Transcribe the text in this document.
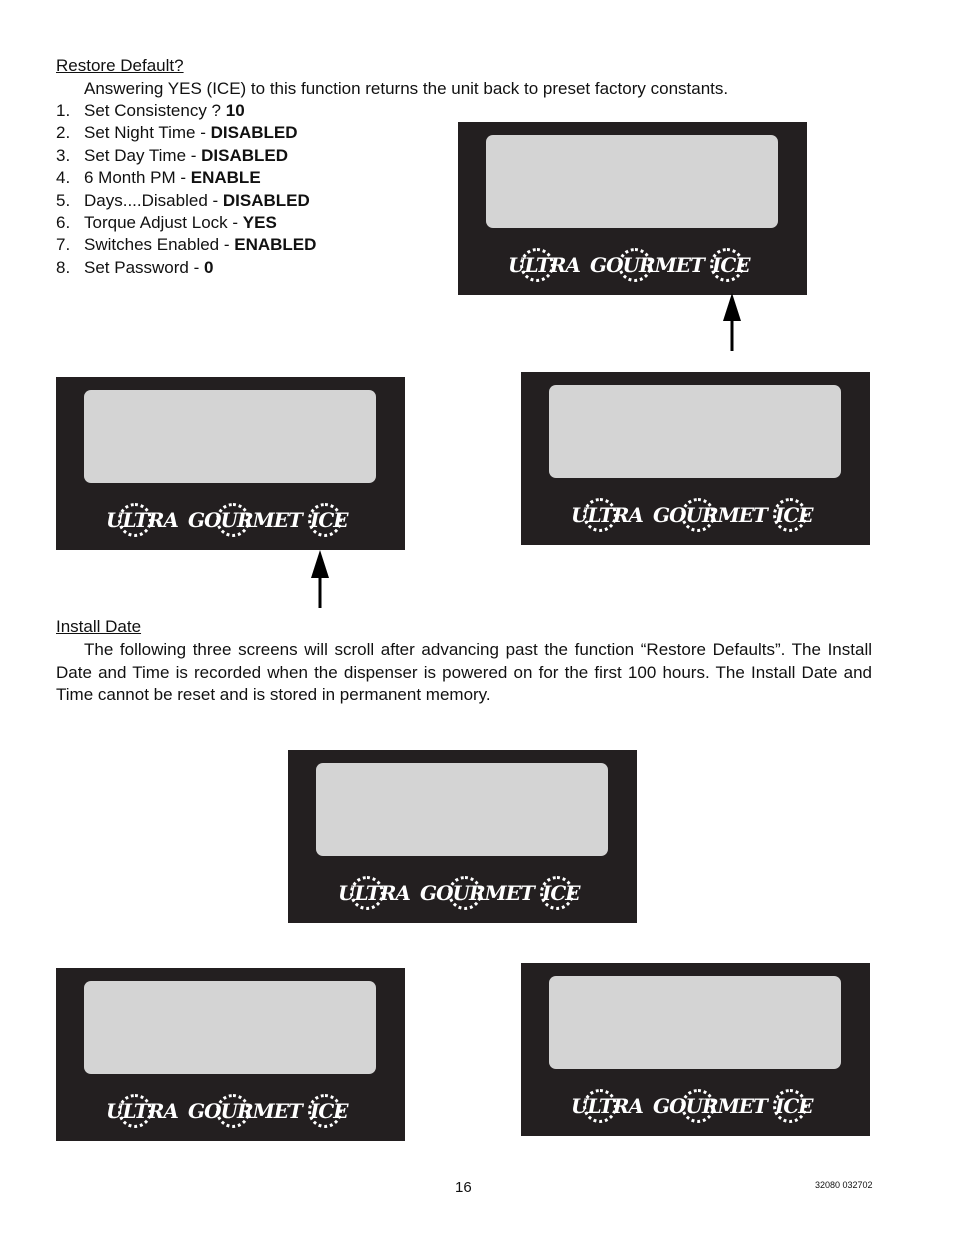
Restore Default?
Answering YES (ICE) to this function returns the unit back to preset factory constants.
1. Set Consistency ? 10
2. Set Night Time - DISABLED
3. Set Day Time - DISABLED
4. 6 Month PM - ENABLE
5. Days....Disabled - DISABLED
6. Torque Adjust Lock - YES
7. Switches Enabled - ENABLED
8. Set Password - 0	ULTRA GOURMET ICE
ULTRA GOURMET ICE	ULTRA GOURMET ICE
Install Date
The following three screens will scroll after advancing past the function “Restore Defaults”. The Install Date and Time is recorded when the dispenser is powered on for the first 100 hours. The Install Date and Time cannot be reset and is stored in permanent memory.
ULTRA GOURMET ICE
ULTRA GOURMET ICE	ULTRA GOURMET ICE
16	32080 032702
